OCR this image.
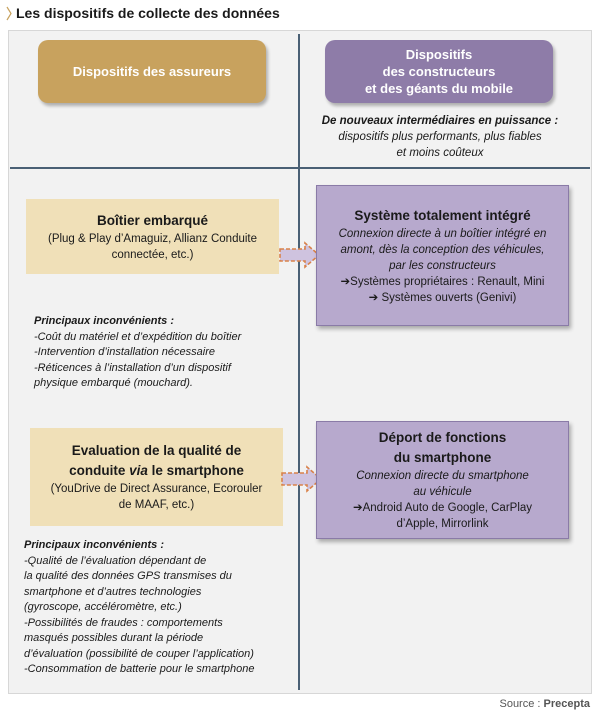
Les dispositifs de collecte des données
Dispositifs des assureurs
Dispositifs
des constructeurs
et des géants du mobile
De nouveaux intermédiaires en puissance :
dispositifs plus performants, plus fiables
et moins coûteux
Boîtier embarqué
(Plug & Play d’Amaguiz, Allianz Conduite
connectée, etc.)
Système totalement intégré
Connexion directe à un boîtier intégré en
amont, dès la conception des véhicules,
par les constructeurs
➔Systèmes propriétaires : Renault, Mini
➔ Systèmes ouverts (Genivi)
Principaux inconvénients :
-Coût du matériel et d’expédition du boîtier
-Intervention d’installation nécessaire
-Réticences à l’installation d’un dispositif
physique embarqué (mouchard).
Evaluation de la qualité de
conduite via le smartphone
(YouDrive de Direct Assurance, Ecorouler
de MAAF, etc.)
Déport de fonctions
du smartphone
Connexion directe du smartphone
au véhicule
➔Android Auto de Google, CarPlay
d’Apple, Mirrorlink
Principaux inconvénients :
-Qualité de l’évaluation dépendant de
la qualité des données GPS transmises du
smartphone et d’autres technologies
(gyroscope, accéléromètre, etc.)
-Possibilités de fraudes : comportements
masqués possibles durant la période
d’évaluation (possibilité de couper l’application)
-Consommation de batterie pour le smartphone
Source : Precepta
